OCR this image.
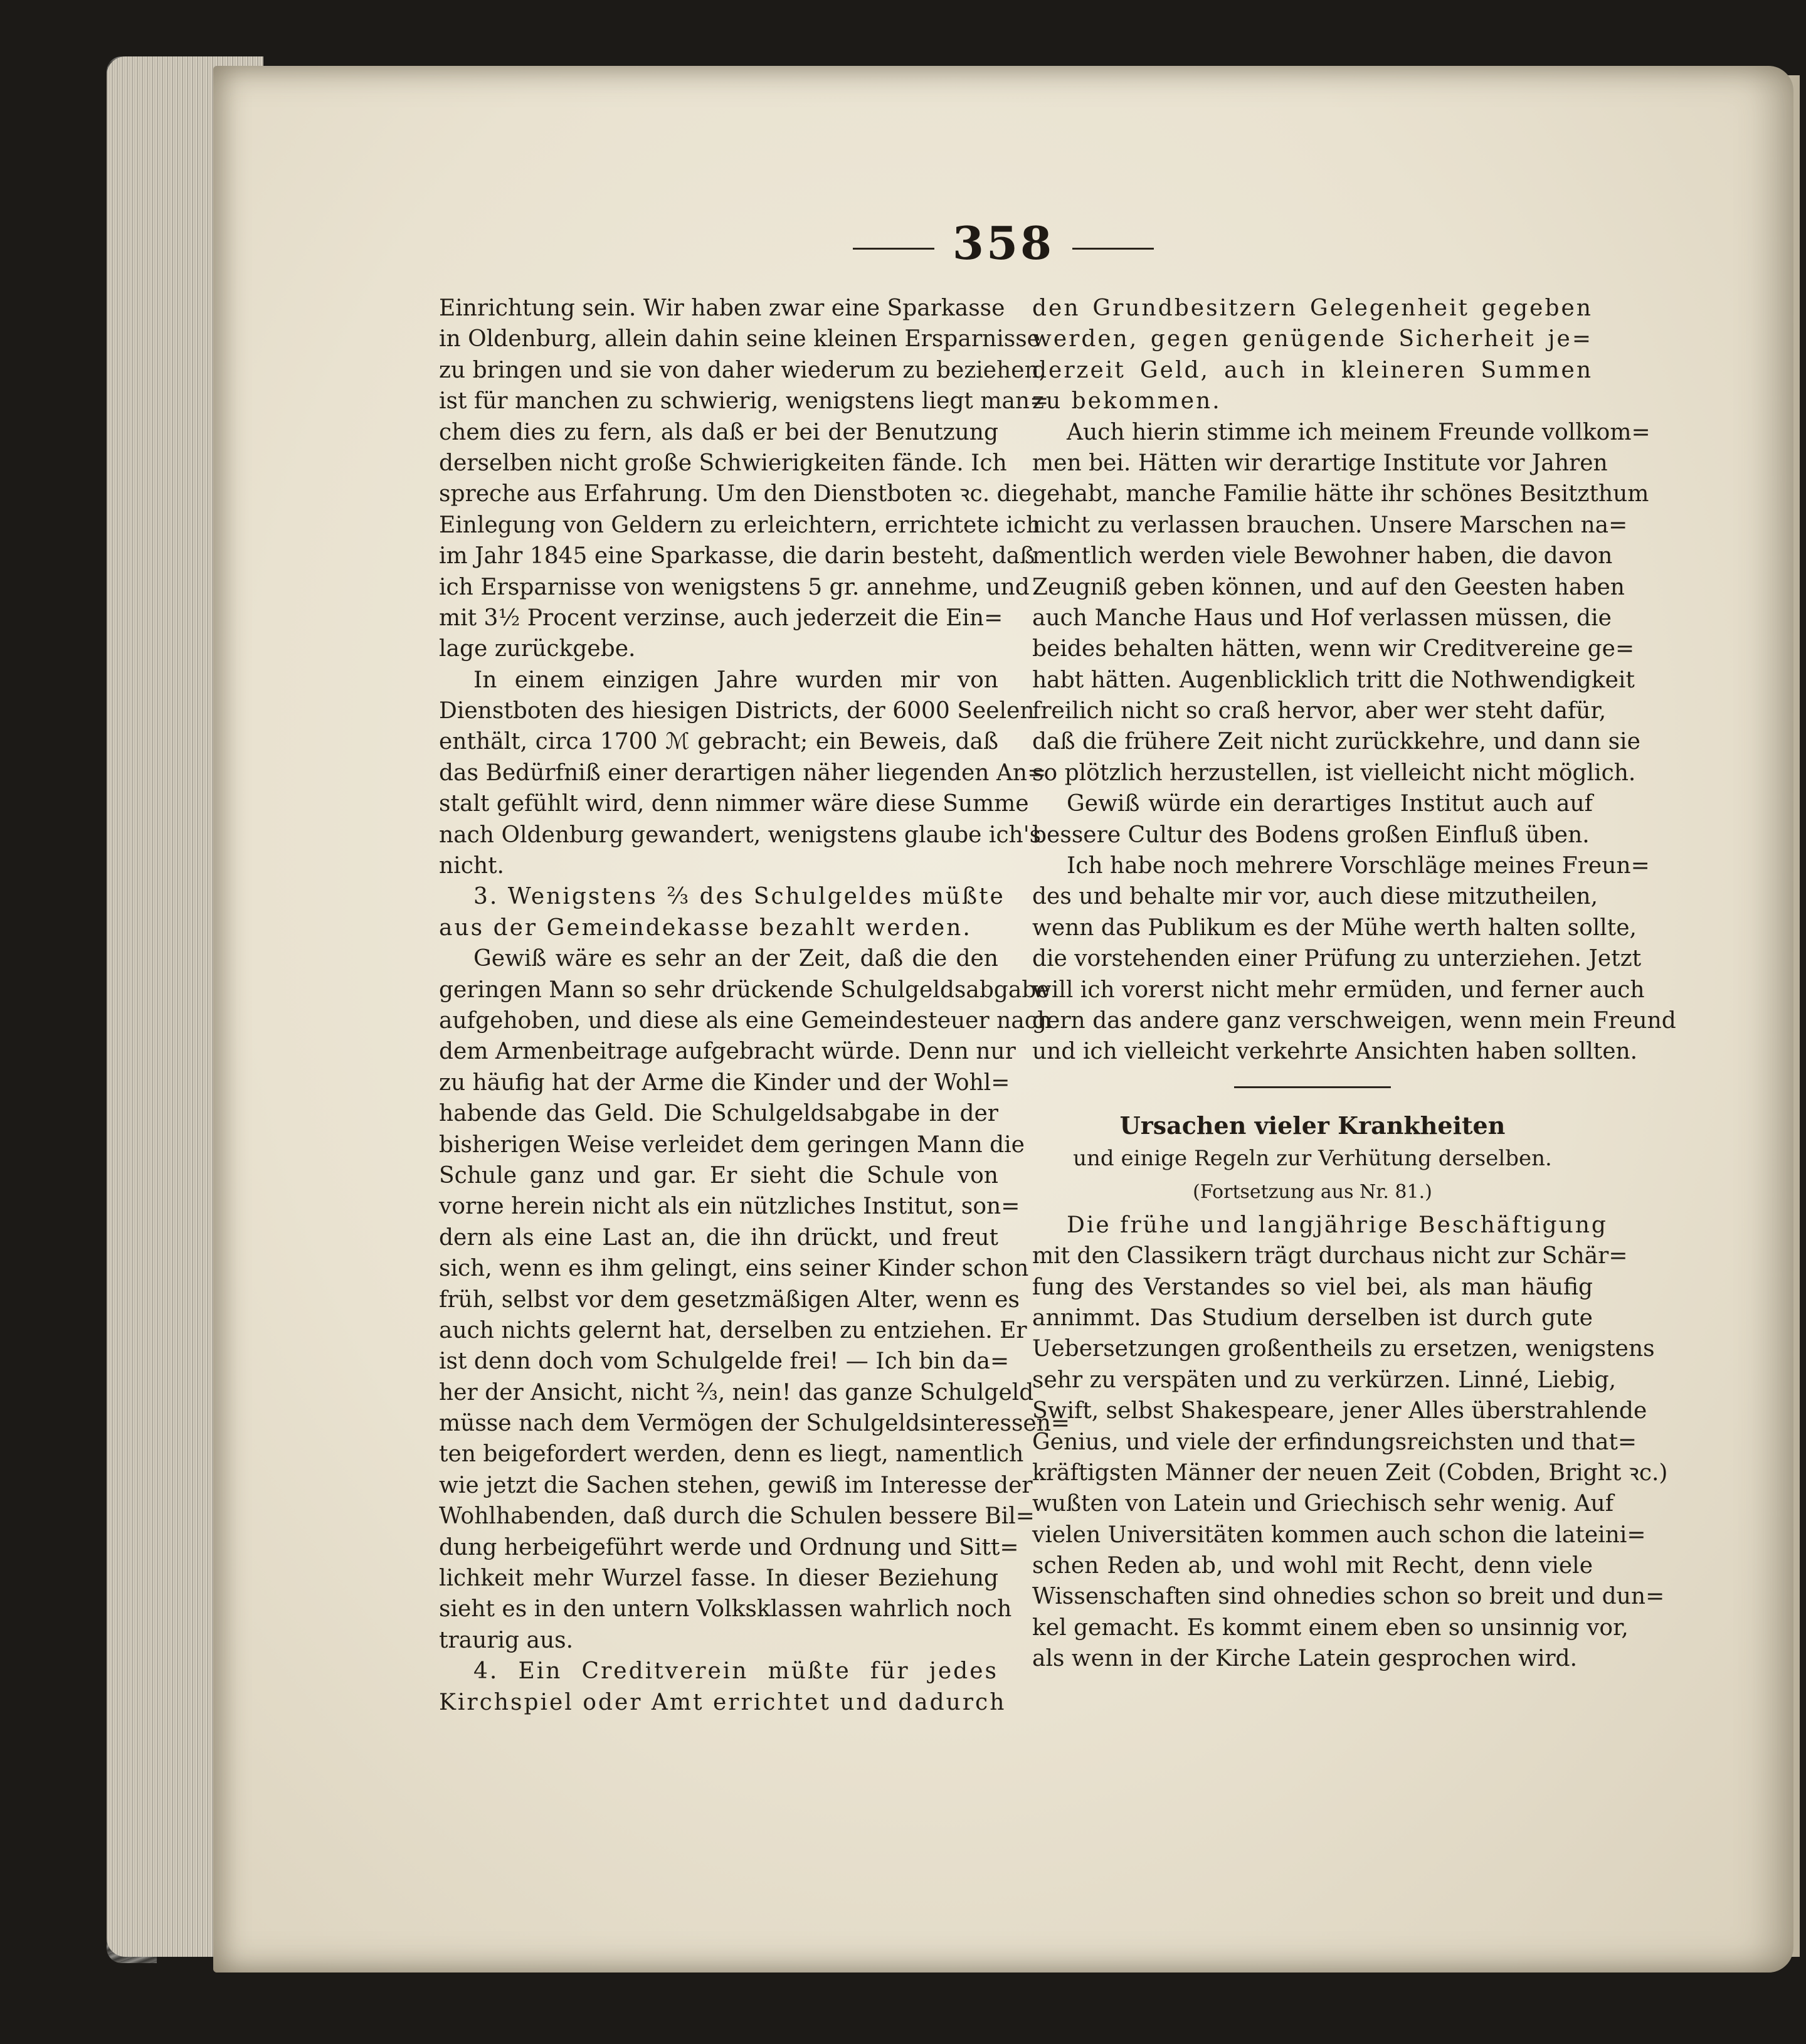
358
Einrichtung sein. Wir haben zwar eine Sparkasse
in Oldenburg, allein dahin seine kleinen Ersparnisse
zu bringen und sie von daher wiederum zu beziehen,
ist für manchen zu schwierig, wenigstens liegt man=
chem dies zu fern, als daß er bei der Benutzung
derselben nicht große Schwierigkeiten fände. Ich
spreche aus Erfahrung. Um den Dienstboten ꝛc. die
Einlegung von Geldern zu erleichtern, errichtete ich
im Jahr 1845 eine Sparkasse, die darin besteht, daß
ich Ersparnisse von wenigstens 5 gr. annehme, und
mit 3½ Procent verzinse, auch jederzeit die Ein=
lage zurückgebe.
In einem einzigen Jahre wurden mir von
Dienstboten des hiesigen Districts, der 6000 Seelen
enthält, circa 1700 ℳ gebracht; ein Beweis, daß
das Bedürfniß einer derartigen näher liegenden An=
stalt gefühlt wird, denn nimmer wäre diese Summe
nach Oldenburg gewandert, wenigstens glaube ich's
nicht.
3. Wenigstens ⅔ des Schulgeldes müßte
aus der Gemeindekasse bezahlt werden.
Gewiß wäre es sehr an der Zeit, daß die den
geringen Mann so sehr drückende Schulgeldsabgabe
aufgehoben, und diese als eine Gemeindesteuer nach
dem Armenbeitrage aufgebracht würde. Denn nur
zu häufig hat der Arme die Kinder und der Wohl=
habende das Geld. Die Schulgeldsabgabe in der
bisherigen Weise verleidet dem geringen Mann die
Schule ganz und gar. Er sieht die Schule von
vorne herein nicht als ein nützliches Institut, son=
dern als eine Last an, die ihn drückt, und freut
sich, wenn es ihm gelingt, eins seiner Kinder schon
früh, selbst vor dem gesetzmäßigen Alter, wenn es
auch nichts gelernt hat, derselben zu entziehen. Er
ist denn doch vom Schulgelde frei! — Ich bin da=
her der Ansicht, nicht ⅔, nein! das ganze Schulgeld
müsse nach dem Vermögen der Schulgeldsinteressen=
ten beigefordert werden, denn es liegt, namentlich
wie jetzt die Sachen stehen, gewiß im Interesse der
Wohlhabenden, daß durch die Schulen bessere Bil=
dung herbeigeführt werde und Ordnung und Sitt=
lichkeit mehr Wurzel fasse. In dieser Beziehung
sieht es in den untern Volksklassen wahrlich noch
traurig aus.
4. Ein Creditverein müßte für jedes
Kirchspiel oder Amt errichtet und dadurch
den Grundbesitzern Gelegenheit gegeben
werden, gegen genügende Sicherheit je=
derzeit Geld, auch in kleineren Summen
zu bekommen.
Auch hierin stimme ich meinem Freunde vollkom=
men bei. Hätten wir derartige Institute vor Jahren
gehabt, manche Familie hätte ihr schönes Besitzthum
nicht zu verlassen brauchen. Unsere Marschen na=
mentlich werden viele Bewohner haben, die davon
Zeugniß geben können, und auf den Geesten haben
auch Manche Haus und Hof verlassen müssen, die
beides behalten hätten, wenn wir Creditvereine ge=
habt hätten. Augenblicklich tritt die Nothwendigkeit
freilich nicht so craß hervor, aber wer steht dafür,
daß die frühere Zeit nicht zurückkehre, und dann sie
so plötzlich herzustellen, ist vielleicht nicht möglich.
Gewiß würde ein derartiges Institut auch auf
bessere Cultur des Bodens großen Einfluß üben.
Ich habe noch mehrere Vorschläge meines Freun=
des und behalte mir vor, auch diese mitzutheilen,
wenn das Publikum es der Mühe werth halten sollte,
die vorstehenden einer Prüfung zu unterziehen. Jetzt
will ich vorerst nicht mehr ermüden, und ferner auch
gern das andere ganz verschweigen, wenn mein Freund
und ich vielleicht verkehrte Ansichten haben sollten.
Ursachen vieler Krankheiten
und einige Regeln zur Verhütung derselben.
(Fortsetzung aus Nr. 81.)
Die frühe und langjährige Beschäftigung
mit den Classikern trägt durchaus nicht zur Schär=
fung des Verstandes so viel bei, als man häufig
annimmt. Das Studium derselben ist durch gute
Uebersetzungen großentheils zu ersetzen, wenigstens
sehr zu verspäten und zu verkürzen. Linné, Liebig,
Swift, selbst Shakespeare, jener Alles überstrahlende
Genius, und viele der erfindungsreichsten und that=
kräftigsten Männer der neuen Zeit (Cobden, Bright ꝛc.)
wußten von Latein und Griechisch sehr wenig. Auf
vielen Universitäten kommen auch schon die lateini=
schen Reden ab, und wohl mit Recht, denn viele
Wissenschaften sind ohnedies schon so breit und dun=
kel gemacht. Es kommt einem eben so unsinnig vor,
als wenn in der Kirche Latein gesprochen wird.
